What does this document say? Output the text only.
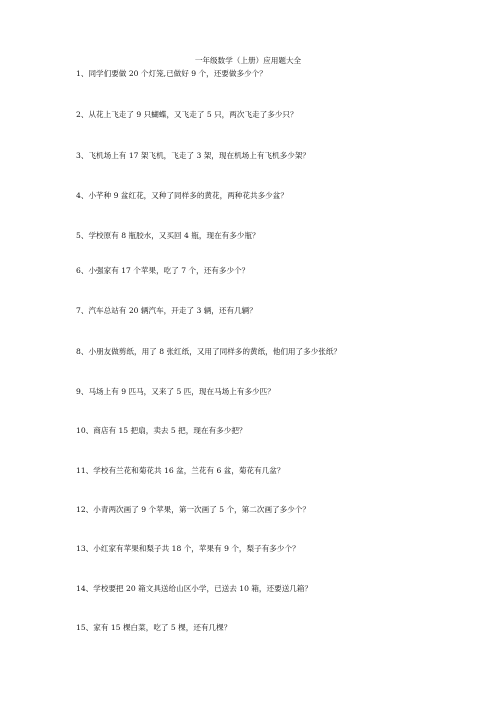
一年级数学（上册）应用题大全
1、同学们要做 20 个灯笼,已做好 9 个，还要做多少个？
2、从花上飞走了 9 只蝴蝶，又飞走了 5 只，两次飞走了多少只？
3、飞机场上有 17 架飞机，飞走了 3 架，现在机场上有飞机多少架？
4、小芊种 9 盆红花，又种了同样多的黄花，两种花共多少盆？
5、学校原有 8 瓶胶水，又买回 4 瓶，现在有多少瓶？
6、小强家有 17 个苹果，吃了 7 个，还有多少个？
7、汽车总站有 20 辆汽车，开走了 3 辆，还有几辆？
8、小朋友做剪纸，用了 8 张红纸，又用了同样多的黄纸，他们用了多少张纸？
9、马场上有 9 匹马，又来了 5 匹，现在马场上有多少匹？
10、商店有 15 把扇，卖去 5 把，现在有多少把？
11、学校有兰花和菊花共 16 盆，兰花有 6 盆，菊花有几盆？
12、小青两次画了 9 个苹果，第一次画了 5 个，第二次画了多少个？
13、小红家有苹果和梨子共 18 个，苹果有 9 个，梨子有多少个？
14、学校要把 20 箱文具送给山区小学，已送去 10 箱，还要送几箱？
15、家有 15 棵白菜，吃了 5 棵，还有几棵？
